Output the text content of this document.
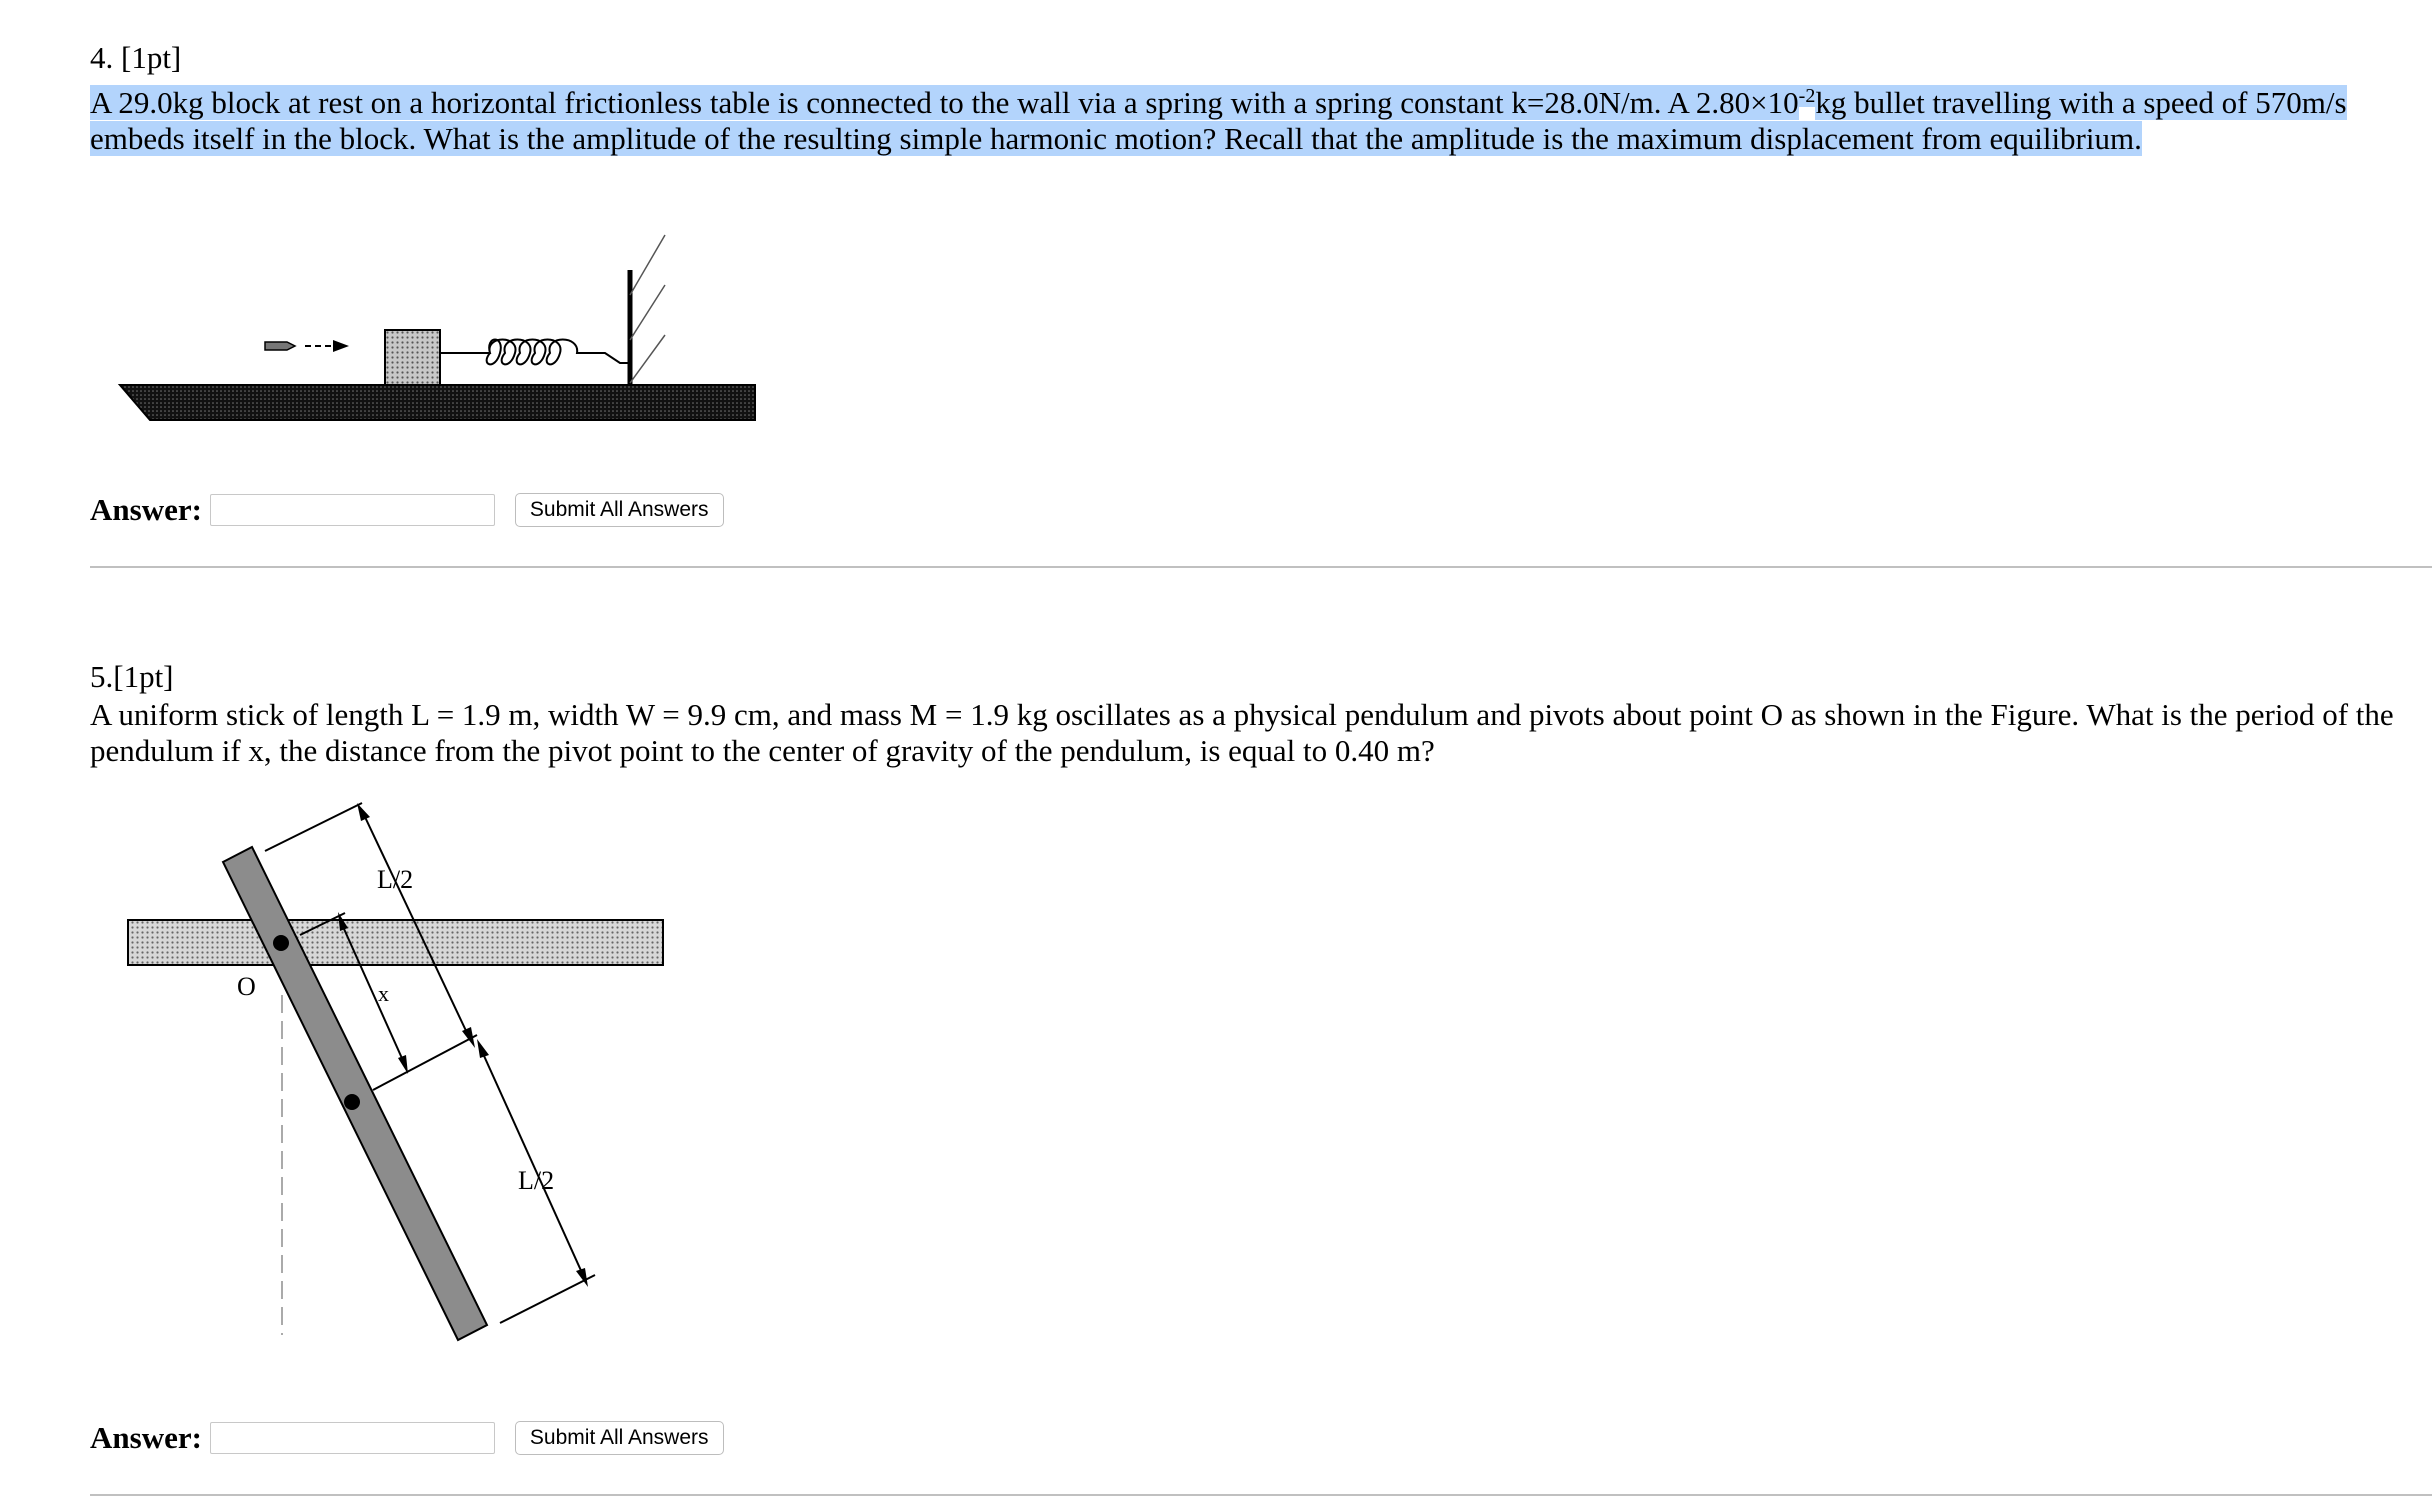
4. [1pt]
A 29.0kg block at rest on a horizontal frictionless table is connected to the wall via a spring with a spring constant k=28.0N/m. A $2.80\times 10^{-2}kg$ bullet travelling with a speed of 570m/s embeds itself in the block. What is the amplitude of the resulting simple harmonic motion? Recall that the amplitude is the maximum displacement from equilibrium.
Answer:	Submit All Answers
5.[1pt]
A uniform stick of length L = 1.9 m, width W = 9.9 cm, and mass M = 1.9 kg oscillates as a physical pendulum and pivots about point O as shown in the Figure. What is the period of the pendulum if x, the distance from the pivot point to the center of gravity of the pendulum, is equal to 0.40 m?
L/2
x
L/2
O
Answer:	Submit All Answers
